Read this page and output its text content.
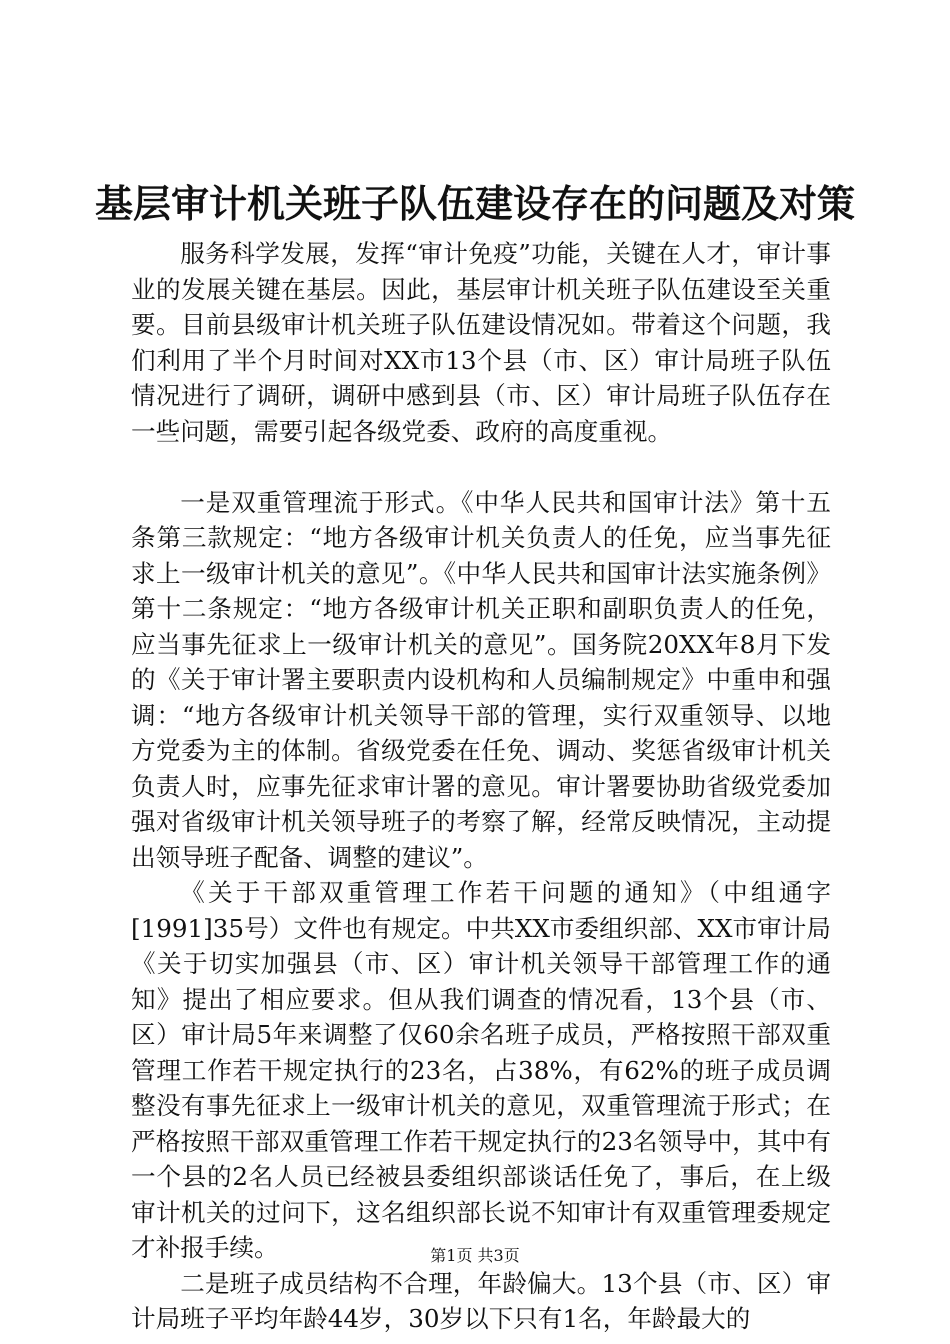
基层审计机关班子队伍建设存在的问题及对策

服务科学发展，发挥“审计免疫”功能，关键在人才，审计事业的发展关键在基层。因此，基层审计机关班子队伍建设至关重要。目前县级审计机关班子队伍建设情况如。带着这个问题，我们利用了半个月时间对XX市13个县（市、区）审计局班子队伍情况进行了调研，调研中感到县（市、区）审计局班子队伍存在一些问题，需要引起各级党委、政府的高度重视。

一是双重管理流于形式。《中华人民共和国审计法》第十五条第三款规定：“地方各级审计机关负责人的任免，应当事先征求上一级审计机关的意见”。《中华人民共和国审计法实施条例》第十二条规定：“地方各级审计机关正职和副职负责人的任免，应当事先征求上一级审计机关的意见”。国务院20XX年8月下发的《关于审计署主要职责内设机构和人员编制规定》中重申和强调：“地方各级审计机关领导干部的管理，实行双重领导、以地方党委为主的体制。省级党委在任免、调动、奖惩省级审计机关负责人时，应事先征求审计署的意见。审计署要协助省级党委加强对省级审计机关领导班子的考察了解，经常反映情况，主动提出领导班子配备、调整的建议”。

《关于干部双重管理工作若干问题的通知》（中组通字[1991]35号）文件也有规定。中共XX市委组织部、XX市审计局《关于切实加强县（市、区）审计机关领导干部管理工作的通知》提出了相应要求。但从我们调查的情况看，13个县（市、区）审计局5年来调整了仅60余名班子成员，严格按照干部双重管理工作若干规定执行的23名，占38%，有62%的班子成员调整没有事先征求上一级审计机关的意见，双重管理流于形式；在严格按照干部双重管理工作若干规定执行的23名领导中，其中有一个县的2名人员已经被县委组织部谈话任免了，事后，在上级审计机关的过问下，这名组织部长说不知审计有双重管理委规定才补报手续。

二是班子成员结构不合理，年龄偏大。13个县（市、区）审计局班子平均年龄44岁，30岁以下只有1名，年龄最大的

第1页 共3页
